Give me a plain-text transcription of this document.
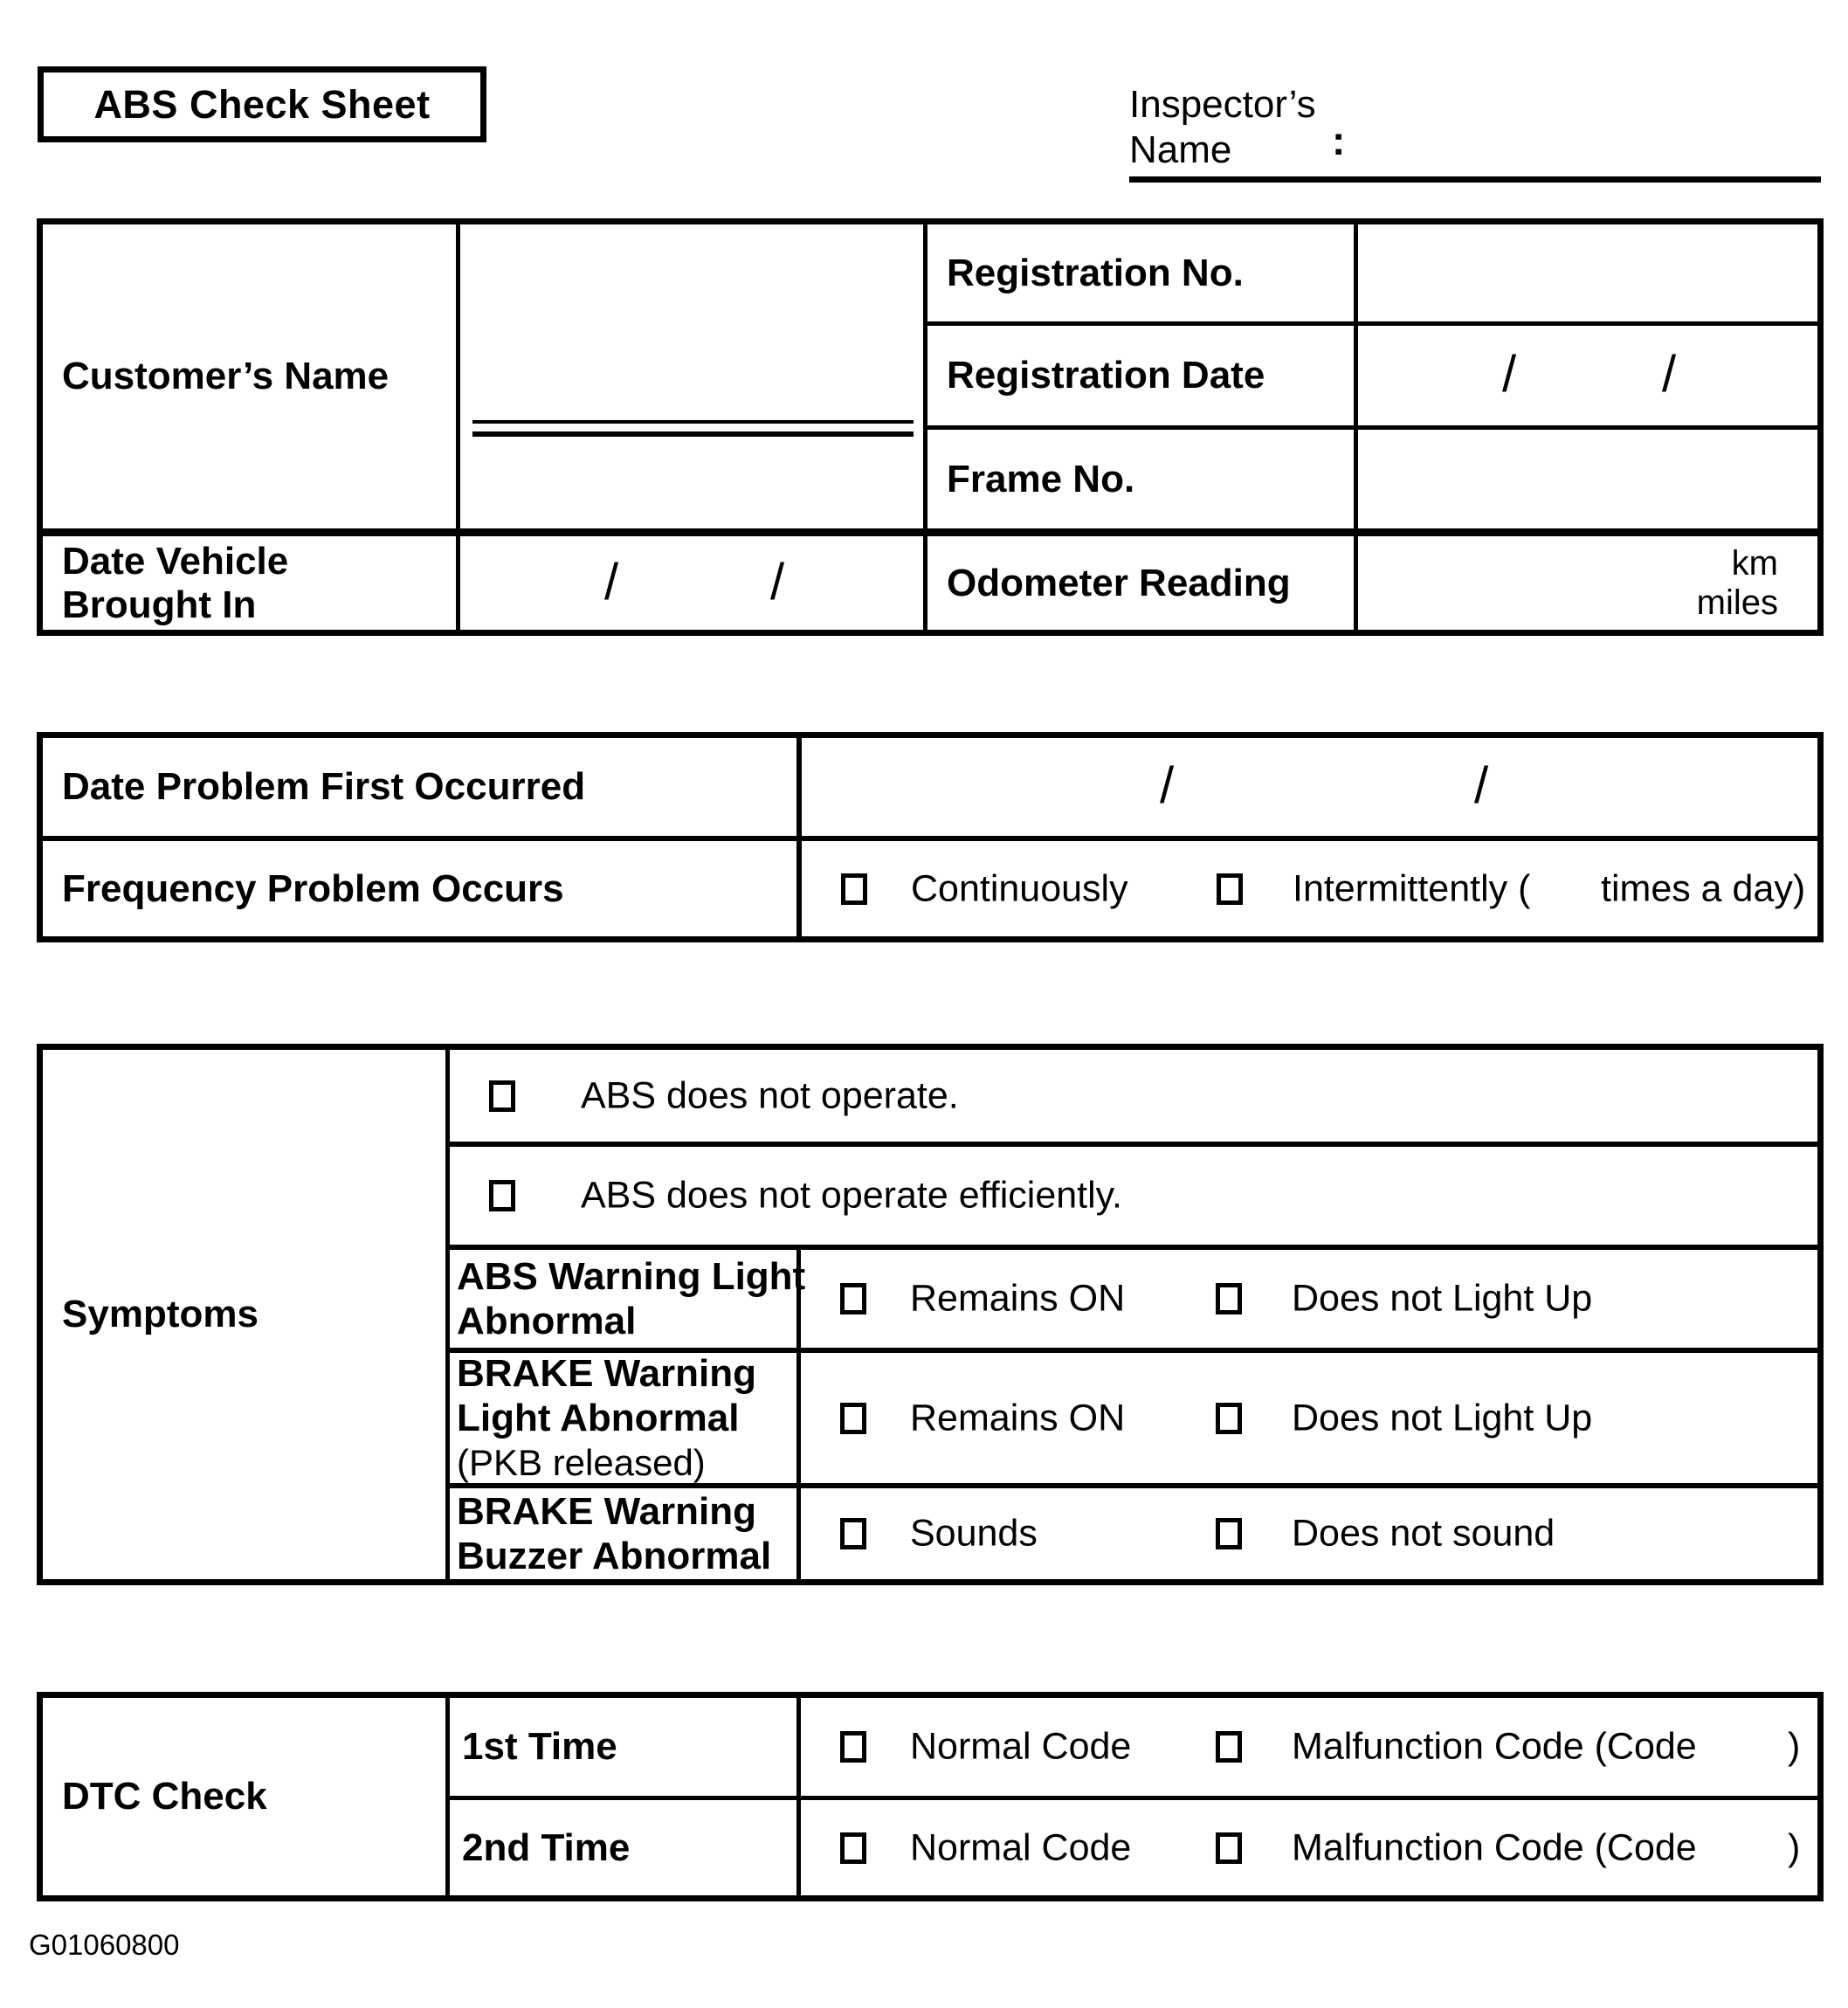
ABS Check Sheet	Inspector’s
Name	:
Customer’s Name
Registration No.
Registration Date	/	/
Frame No.
Date Vehicle
Brought In	/	/	Odometer Reading	km
miles
Date Problem First Occurred	/	/
Frequency Problem Occurs	Continuously	Intermittently ( times a day)
Symptoms
ABS does not operate.
ABS does not operate efficiently.
ABS Warning Light
Abnormal
Remains ON	Does not Light Up
BRAKE Warning
Light Abnormal
(PKB released)
Remains ON	Does not Light Up
BRAKE Warning
Buzzer Abnormal
Sounds	Does not sound
DTC Check
1st Time	Normal Code	Malfunction Code (Code )
2nd Time	Normal Code	Malfunction Code (Code )
G01060800
